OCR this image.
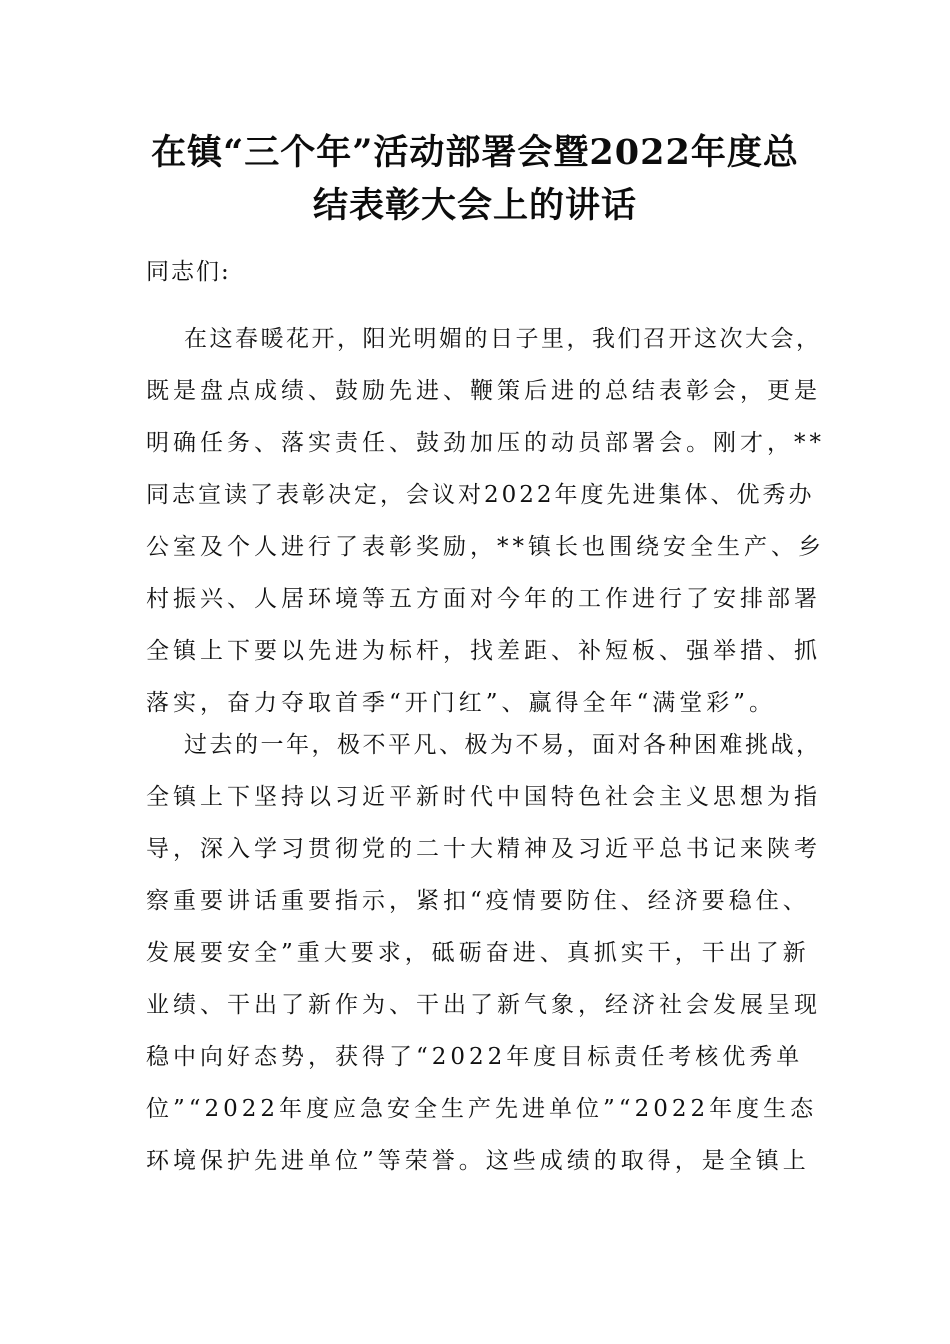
在镇“三个年”活动部署会暨2022年度总
结表彰大会上的讲话

同志们:

在这春暖花开，阳光明媚的日子里，我们召开这次大会，
既是盘点成绩、鼓励先进、鞭策后进的总结表彰会，更是
明确任务、落实责任、鼓劲加压的动员部署会。刚才，**
同志宣读了表彰决定，会议对2022年度先进集体、优秀办
公室及个人进行了表彰奖励，**镇长也围绕安全生产、乡
村振兴、人居环境等五方面对今年的工作进行了安排部署
全镇上下要以先进为标杆，找差距、补短板、强举措、抓
落实，奋力夺取首季“开门红”、赢得全年“满堂彩”。
过去的一年，极不平凡、极为不易，面对各种困难挑战，
全镇上下坚持以习近平新时代中国特色社会主义思想为指
导，深入学习贯彻党的二十大精神及习近平总书记来陕考
察重要讲话重要指示，紧扣“疫情要防住、经济要稳住、
发展要安全”重大要求，砥砺奋进、真抓实干，干出了新
业绩、干出了新作为、干出了新气象，经济社会发展呈现
稳中向好态势，获得了“2022年度目标责任考核优秀单
位”“2022年度应急安全生产先进单位”“2022年度生态
环境保护先进单位”等荣誉。这些成绩的取得，是全镇上
